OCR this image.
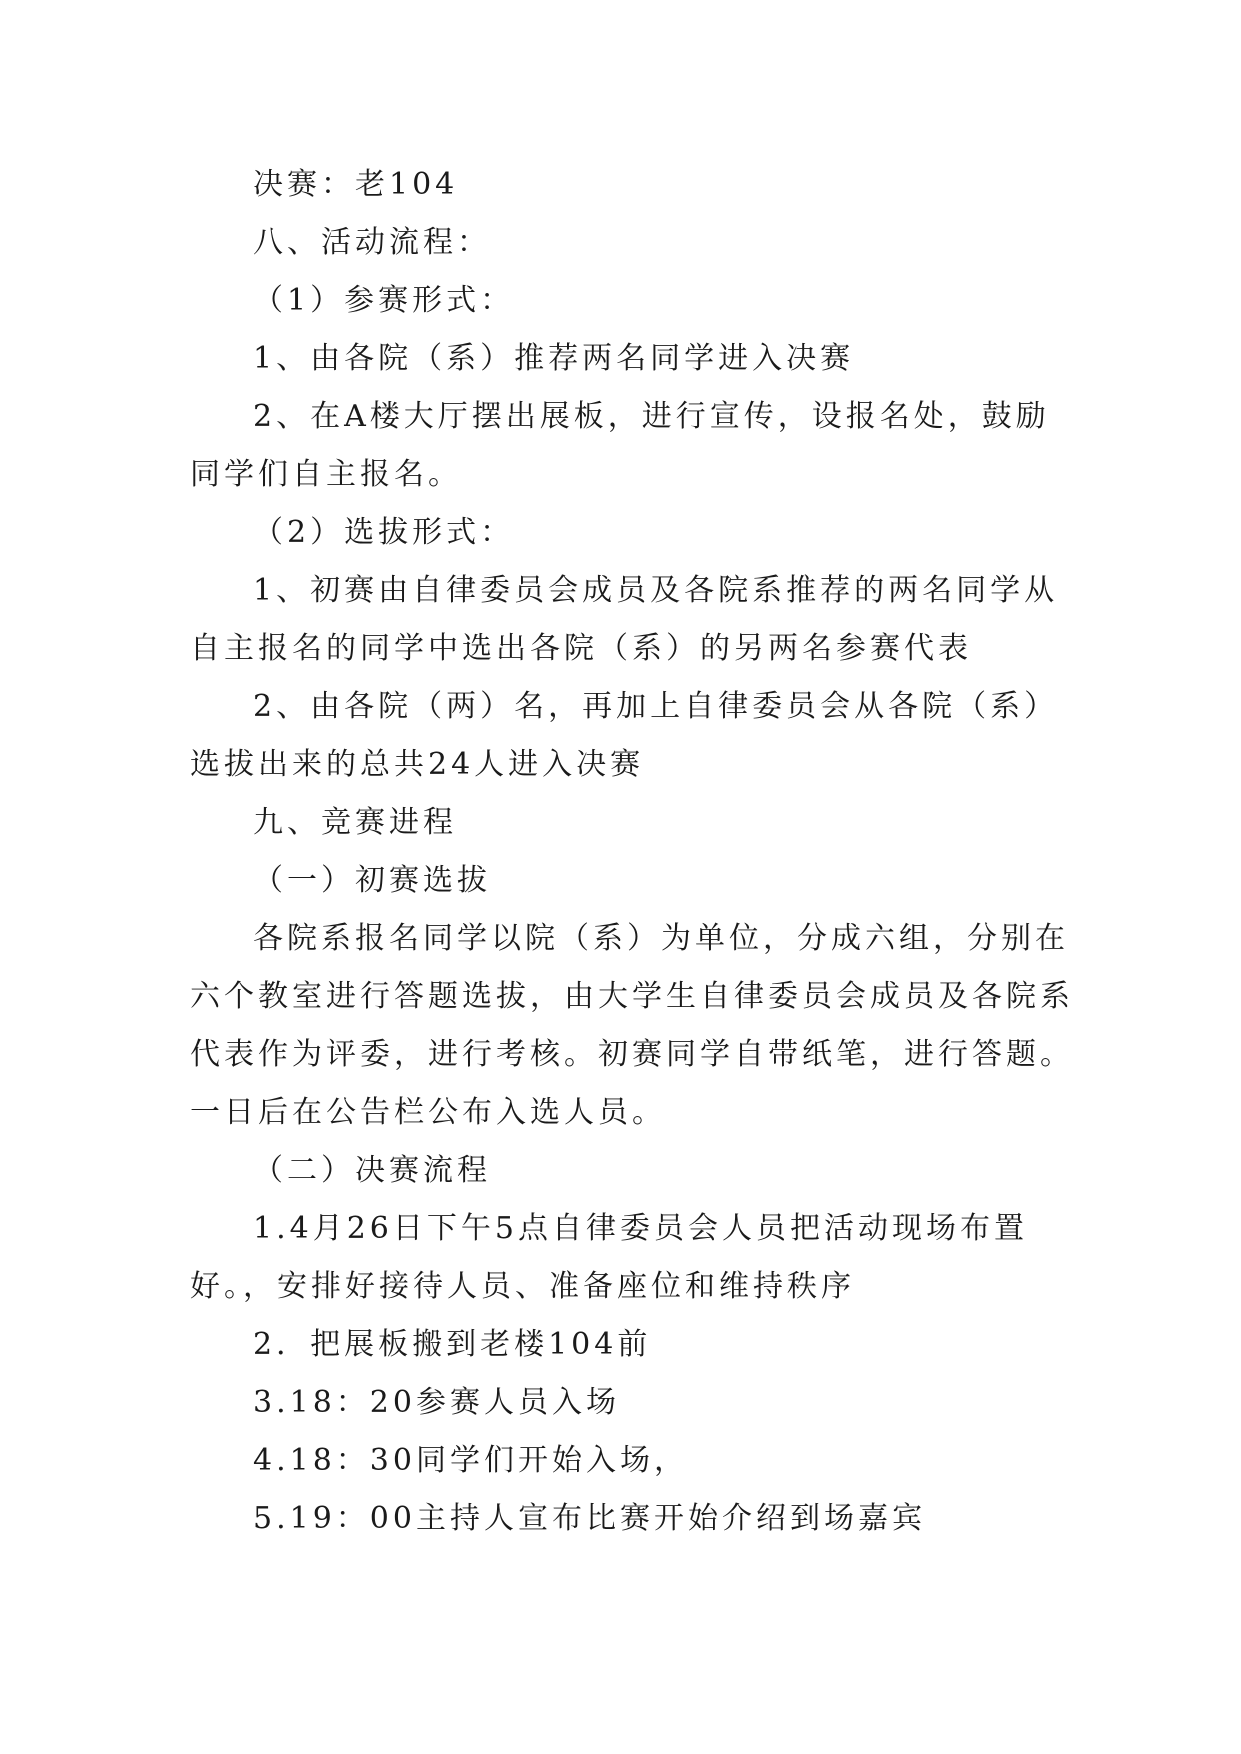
决赛：老104
八、活动流程：
（1）参赛形式：
1、由各院（系）推荐两名同学进入决赛
2、在A楼大厅摆出展板，进行宣传，设报名处，鼓励
同学们自主报名。
（2）选拔形式：
1、初赛由自律委员会成员及各院系推荐的两名同学从
自主报名的同学中选出各院（系）的另两名参赛代表
2、由各院（两）名，再加上自律委员会从各院（系）
选拔出来的总共24人进入决赛
九、竞赛进程
（一）初赛选拔
各院系报名同学以院（系）为单位，分成六组，分别在
六个教室进行答题选拔，由大学生自律委员会成员及各院系
代表作为评委，进行考核。初赛同学自带纸笔，进行答题。
一日后在公告栏公布入选人员。
（二）决赛流程
1.4月26日下午5点自律委员会人员把活动现场布置
好。，安排好接待人员、准备座位和维持秩序
2．把展板搬到老楼104前
3.18：20参赛人员入场
4.18：30同学们开始入场，
5.19：00主持人宣布比赛开始介绍到场嘉宾
